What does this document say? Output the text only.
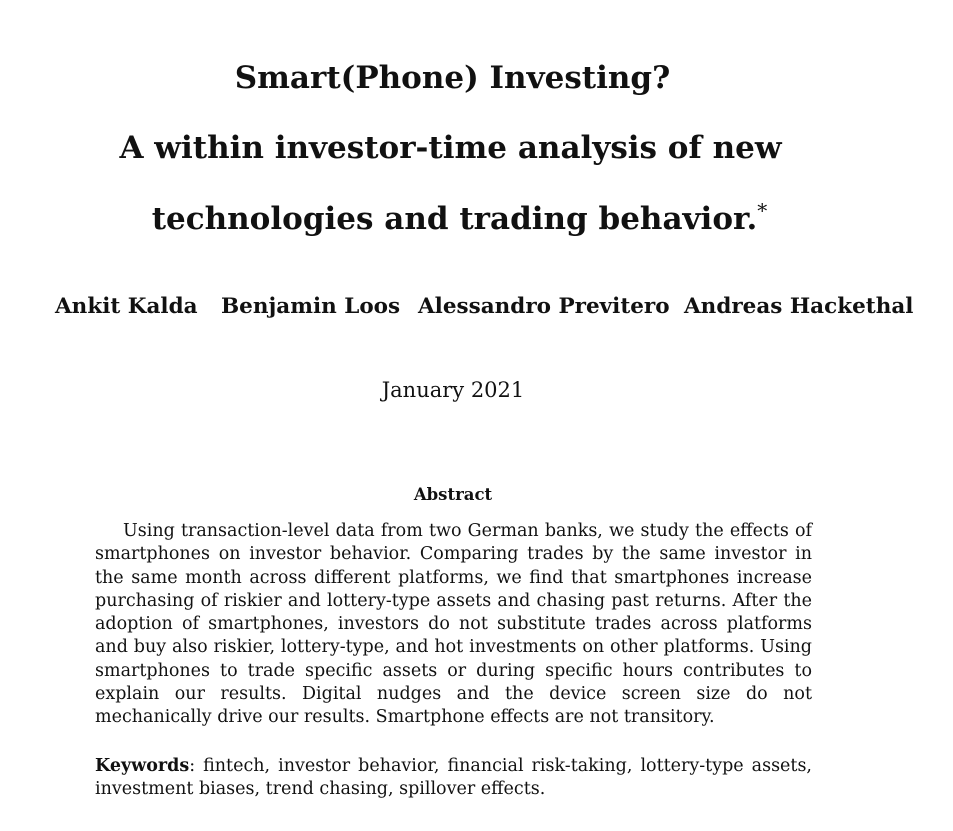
Smart(Phone) Investing?
A within investor-time analysis of new
technologies and trading behavior.*
Ankit Kalda Benjamin Loos Alessandro Previtero Andreas Hackethal
January 2021
Abstract
Using transaction-level data from two German banks, we study the effects of smartphones on investor behavior. Comparing trades by the same investor in the same month across different platforms, we find that smartphones increase purchasing of riskier and lottery-type assets and chasing past returns. After the adoption of smartphones, investors do not substitute trades across platforms and buy also riskier, lottery-type, and hot investments on other platforms. Using smartphones to trade specific assets or during specific hours contributes to explain our results. Digital nudges and the device screen size do not mechanically drive our results. Smartphone effects are not transitory.
Keywords: fintech, investor behavior, financial risk-taking, lottery-type assets, investment biases, trend chasing, spillover effects.
